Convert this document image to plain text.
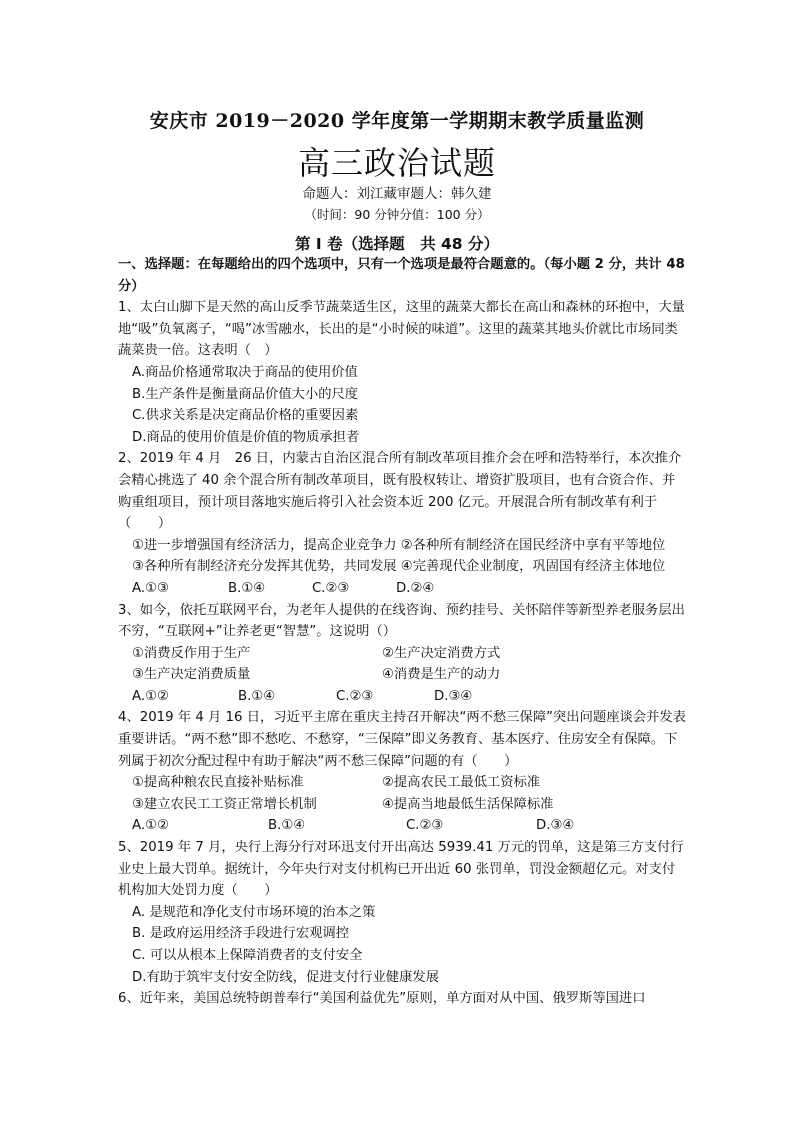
安庆市 2019－2020 学年度第一学期期末教学质量监测
高三政治试题
命题人：刘江藏审题人：韩久建
（时间：90 分钟分值：100 分）
第 I 卷（选择题　共 48 分）

一、选择题：在每题给出的四个选项中，只有一个选项是最符合题意的。（每小题 2 分，共计 48 分）

1、太白山脚下是天然的高山反季节蔬菜适生区，这里的蔬菜大都长在高山和森林的环抱中，大量地“吸”负氧离子，“喝”冰雪融水，长出的是“小时候的味道”。这里的蔬菜其地头价就比市场同类蔬菜贵一倍。这表明（　）

A.商品价格通常取决于商品的使用价值

B.生产条件是衡量商品价值大小的尺度

C.供求关系是决定商品价格的重要因素

D.商品的使用价值是价值的物质承担者

2、2019 年 4 月　26 日，内蒙古自治区混合所有制改革项目推介会在呼和浩特举行，本次推介会精心挑选了 40 余个混合所有制改革项目，既有股权转让、增资扩股项目，也有合资合作、并购重组项目，预计项目落地实施后将引入社会资本近 200 亿元。开展混合所有制改革有利于（　　）

①进一步增强国有经济活力，提高企业竞争力 ②各种所有制经济在国民经济中享有平等地位

③各种所有制经济充分发挥其优势，共同发展 ④完善现代企业制度，巩固国有经济主体地位

A.①③	B.①④	C.②③	D.②④

3、如今，依托互联网平台，为老年人提供的在线咨询、预约挂号、关怀陪伴等新型养老服务层出不穷，“互联网+”让养老更“智慧”。这说明（）

①消费反作用于生产	②生产决定消费方式
③生产决定消费质量	④消费是生产的动力
A.①②	B.①④	C.②③	D.③④

4、2019 年 4 月 16 日，习近平主席在重庆主持召开解决“两不愁三保障”突出问题座谈会并发表重要讲话。“两不愁”即不愁吃、不愁穿，“三保障”即义务教育、基本医疗、住房安全有保障。下列属于初次分配过程中有助于解决“两不愁三保障”问题的有（　　）

①提高种粮农民直接补贴标准	②提高农民工最低工资标准
③建立农民工工资正常增长机制	④提高当地最低生活保障标准
A.①②	B.①④	C.②③	D.③④

5、2019 年 7 月，央行上海分行对环迅支付开出高达 5939.41 万元的罚单，这是第三方支付行业史上最大罚单。据统计，今年央行对支付机构已开出近 60 张罚单，罚没金额超亿元。对支付机构加大处罚力度（　　）

A. 是规范和净化支付市场环境的治本之策

B. 是政府运用经济手段进行宏观调控

C. 可以从根本上保障消费者的支付安全

D.有助于筑牢支付安全防线，促进支付行业健康发展

6、近年来，美国总统特朗普奉行“美国利益优先”原则，单方面对从中国、俄罗斯等国进口
